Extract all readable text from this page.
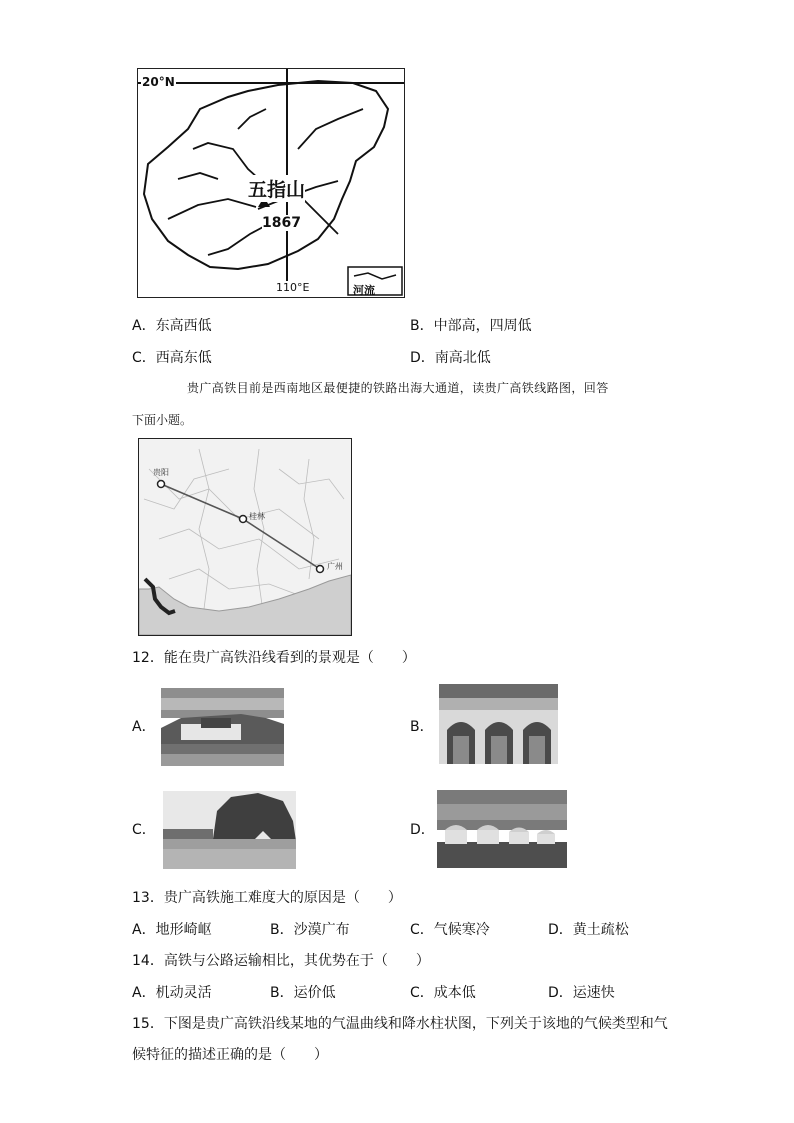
20°N
110°E
五指山
1867
河流
A．东高西低	B．中部高，四周低
C．西高东低	D．南高北低
贵广高铁目前是西南地区最便捷的铁路出海大通道，读贵广高铁线路图，回答
下面小题。
贵阳
桂林
广州
12．能在贵广高铁沿线看到的景观是（　　）
A．	B．
C．	D．
13．贵广高铁施工难度大的原因是（　　）
A．地形崎岖	B．沙漠广布	C．气候寒冷	D．黄土疏松
14．高铁与公路运输相比，其优势在于（　　）
A．机动灵活	B．运价低	C．成本低	D．运速快
15．下图是贵广高铁沿线某地的气温曲线和降水柱状图，下列关于该地的气候类型和气
候特征的描述正确的是（　　）
